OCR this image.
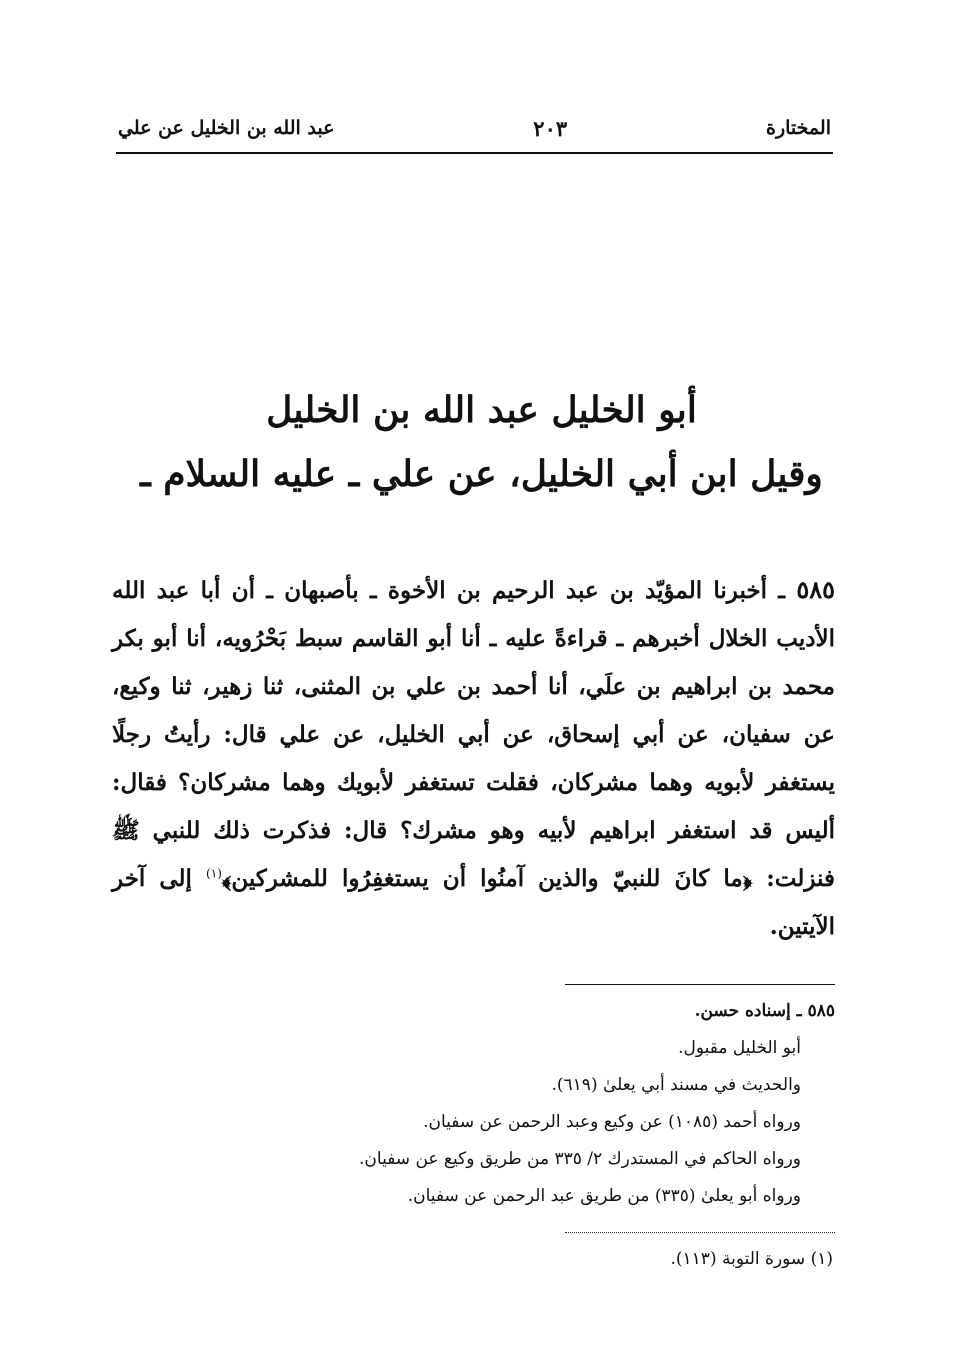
المختارة
٢٠٣
عبد الله بن الخليل عن علي
أبو الخليل عبد الله بن الخليل
وقيل ابن أبي الخليل، عن علي ـ عليه السلام ـ
٥٨٥ ـ أخبرنا المؤيّد بن عبد الرحيم بن الأخوة ـ بأصبهان ـ أن أبا عبد الله الأديب الخلال أخبرهم ـ قراءةً عليه ـ أنا أبو القاسم سبط بَحْرُويه، أنا أبو بكر محمد بن ابراهيم بن علَي، أنا أحمد بن علي بن المثنى، ثنا زهير، ثنا وكيع، عن سفيان، عن أبي إسحاق، عن أبي الخليل، عن علي قال: رأيتُ رجلًا يستغفر لأبويه وهما مشركان، فقلت تستغفر لأبويك وهما مشركان؟ فقال: أليس قد استغفر ابراهيم لأبيه وهو مشرك؟ قال: فذكرت ذلك للنبي ﷺ فنزلت: ﴿ما كانَ للنبيّ والذين آمنُوا أن يستغفِرُوا للمشركين﴾$^{(١)}$ إلى آخر الآيتين.
٥٨٥ ـ إسناده حسن.
أبو الخليل مقبول.
والحديث في مسند أبي يعلىٰ (٦١٩).
ورواه أحمد (١٠٨٥) عن وكيع وعبد الرحمن عن سفيان.
ورواه الحاكم في المستدرك ٢/ ٣٣٥ من طريق وكيع عن سفيان.
ورواه أبو يعلىٰ (٣٣٥) من طريق عبد الرحمن عن سفيان.
(١) سورة التوبة (١١٣).
